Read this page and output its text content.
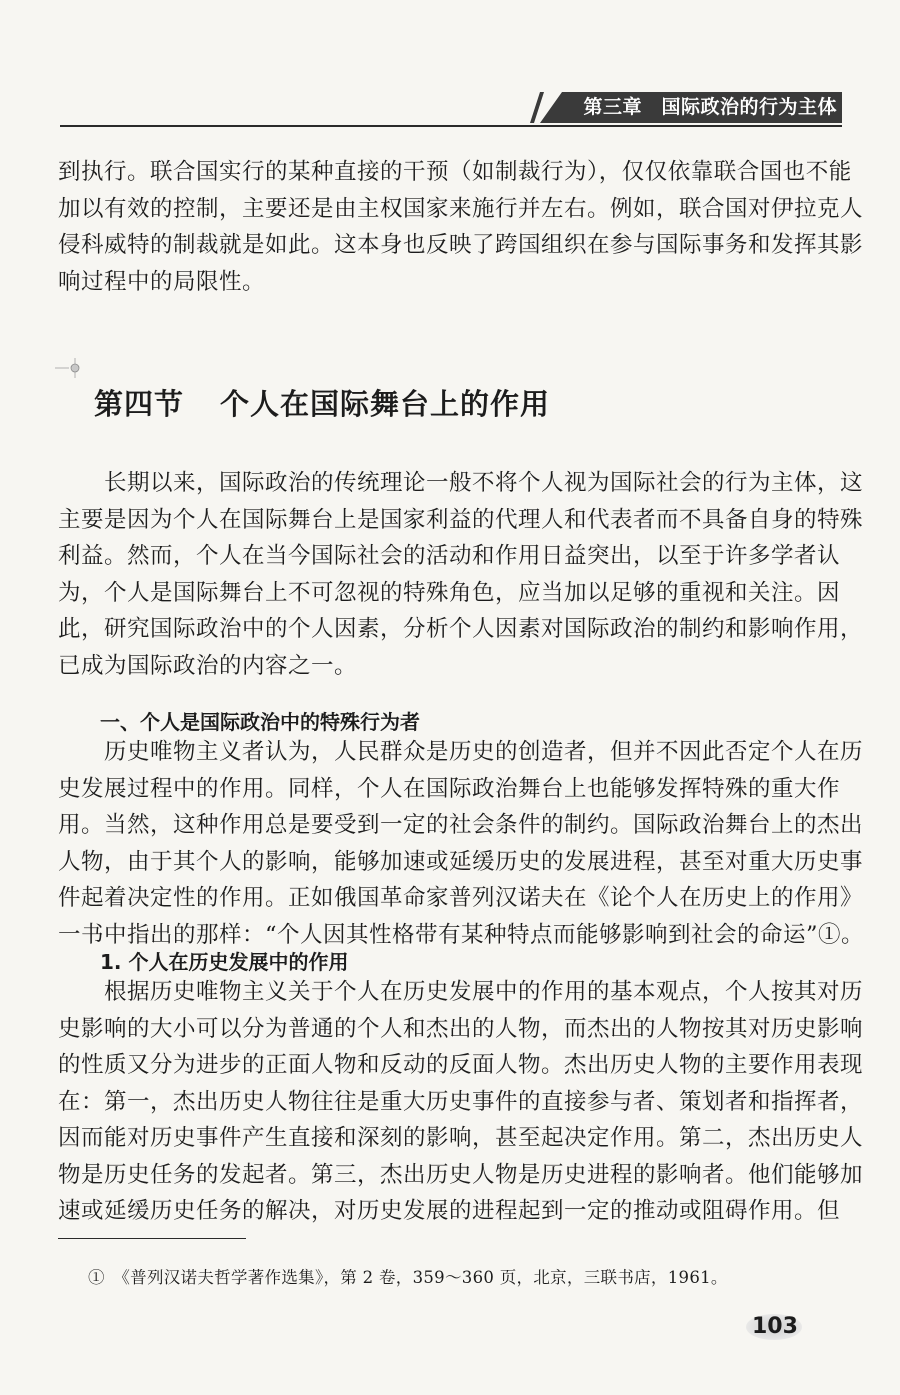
第三章　国际政治的行为主体
到执行。联合国实行的某种直接的干预（如制裁行为），仅仅依靠联合国也不能
加以有效的控制，主要还是由主权国家来施行并左右。例如，联合国对伊拉克人
侵科威特的制裁就是如此。这本身也反映了跨国组织在参与国际事务和发挥其影
响过程中的局限性。
第四节 个人在国际舞台上的作用
　　长期以来，国际政治的传统理论一般不将个人视为国际社会的行为主体，这
主要是因为个人在国际舞台上是国家利益的代理人和代表者而不具备自身的特殊
利益。然而，个人在当今国际社会的活动和作用日益突出，以至于许多学者认
为，个人是国际舞台上不可忽视的特殊角色，应当加以足够的重视和关注。因
此，研究国际政治中的个人因素，分析个人因素对国际政治的制约和影响作用，
已成为国际政治的内容之一。
一、个人是国际政治中的特殊行为者
　　历史唯物主义者认为，人民群众是历史的创造者，但并不因此否定个人在历
史发展过程中的作用。同样，个人在国际政治舞台上也能够发挥特殊的重大作
用。当然，这种作用总是要受到一定的社会条件的制约。国际政治舞台上的杰出
人物，由于其个人的影响，能够加速或延缓历史的发展进程，甚至对重大历史事
件起着决定性的作用。正如俄国革命家普列汉诺夫在《论个人在历史上的作用》
一书中指出的那样：“个人因其性格带有某种特点而能够影响到社会的命运”①。
1. 个人在历史发展中的作用
　　根据历史唯物主义关于个人在历史发展中的作用的基本观点，个人按其对历
史影响的大小可以分为普通的个人和杰出的人物，而杰出的人物按其对历史影响
的性质又分为进步的正面人物和反动的反面人物。杰出历史人物的主要作用表现
在：第一，杰出历史人物往往是重大历史事件的直接参与者、策划者和指挥者，
因而能对历史事件产生直接和深刻的影响，甚至起决定作用。第二，杰出历史人
物是历史任务的发起者。第三，杰出历史人物是历史进程的影响者。他们能够加
速或延缓历史任务的解决，对历史发展的进程起到一定的推动或阻碍作用。但
①　《普列汉诺夫哲学著作选集》，第 2 卷，359～360 页，北京，三联书店，1961。
103
